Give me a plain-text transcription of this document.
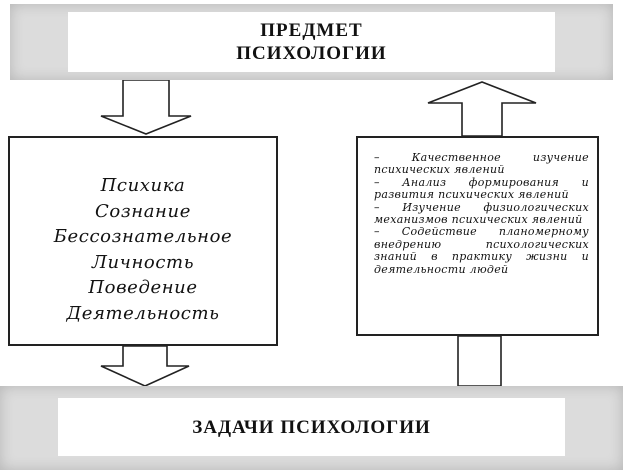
ПРЕДМЕТ
ПСИХОЛОГИИ
Психика
Сознание
Бессознательное
Личность
Поведение
Деятельность
– Качественное изучение психических явлений
– Анализ формирования и развития психических явлений
– Изучение физиологических механизмов психических явлений
– Содействие планомерному внедрению психологических знаний в практику жизни и деятельности людей
ЗАДАЧИ ПСИХОЛОГИИ
